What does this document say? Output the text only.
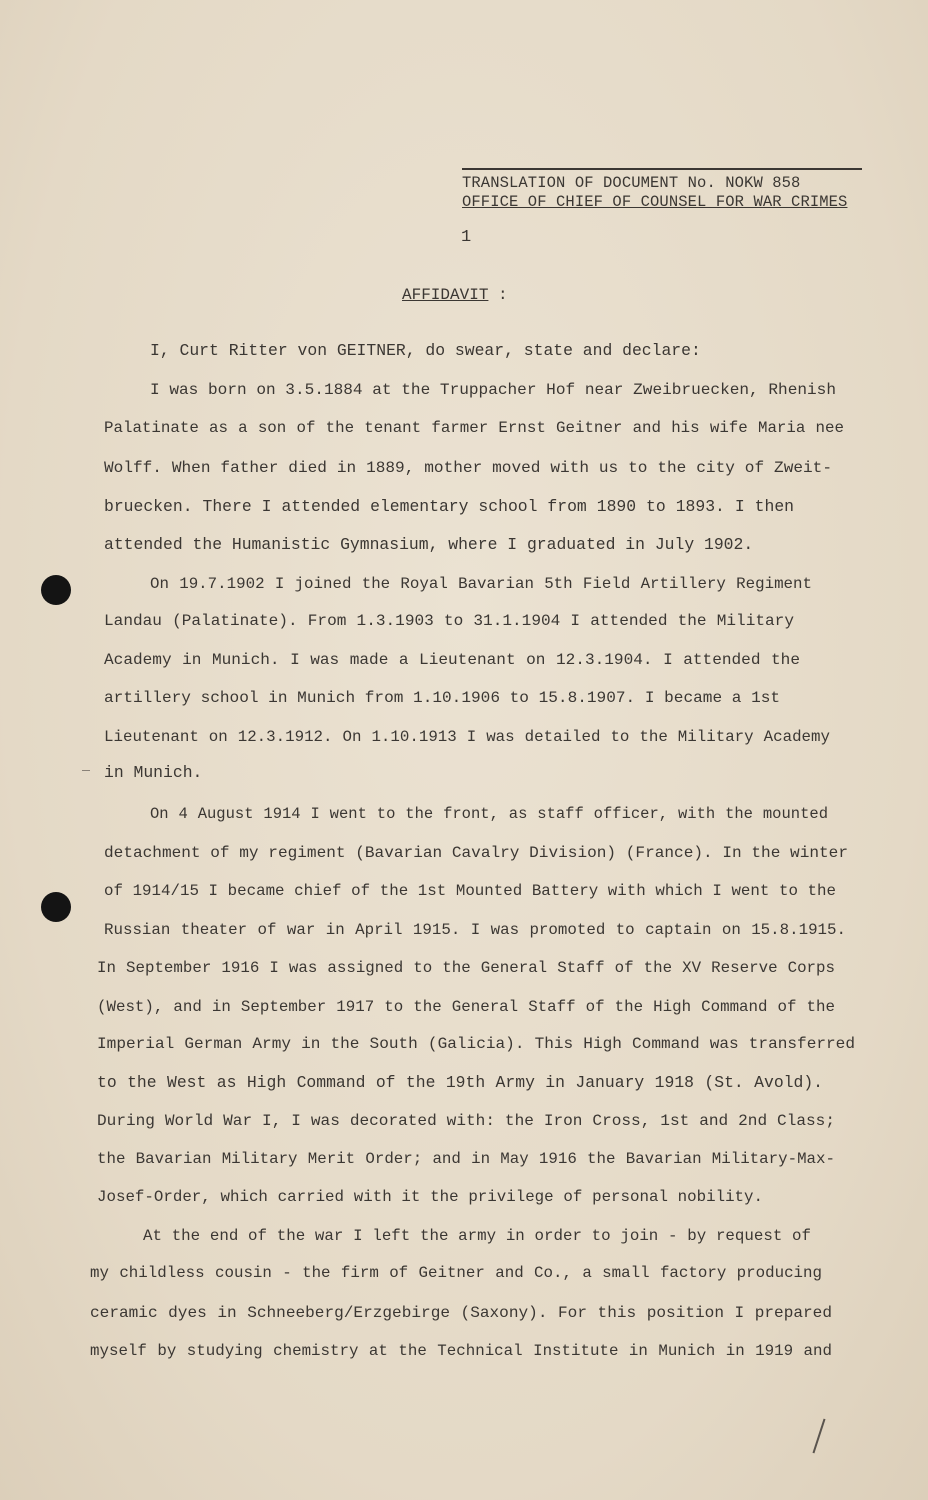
TRANSLATION OF DOCUMENT No. NOKW 858
OFFICE OF CHIEF OF COUNSEL FOR WAR CRIMES
1
AFFIDAVIT :
I, Curt Ritter von GEITNER, do swear, state and declare:
I was born on 3.5.1884 at the Truppacher Hof near Zweibruecken, Rhenish
Palatinate as a son of the tenant farmer Ernst Geitner and his wife Maria nee
Wolff. When father died in 1889, mother moved with us to the city of Zweit-
bruecken. There I attended elementary school from 1890 to 1893. I then
attended the Humanistic Gymnasium, where I graduated in July 1902.
On 19.7.1902 I joined the Royal Bavarian 5th Field Artillery Regiment
Landau (Palatinate). From 1.3.1903 to 31.1.1904 I attended the Military
Academy in Munich. I was made a Lieutenant on 12.3.1904. I attended the
artillery school in Munich from 1.10.1906 to 15.8.1907. I became a 1st
Lieutenant on 12.3.1912. On 1.10.1913 I was detailed to the Military Academy
in Munich.
On 4 August 1914 I went to the front, as staff officer, with the mounted
detachment of my regiment (Bavarian Cavalry Division) (France). In the winter
of 1914/15 I became chief of the 1st Mounted Battery with which I went to the
Russian theater of war in April 1915. I was promoted to captain on 15.8.1915.
In September 1916 I was assigned to the General Staff of the XV Reserve Corps
(West), and in September 1917 to the General Staff of the High Command of the
Imperial German Army in the South (Galicia). This High Command was transferred
to the West as High Command of the 19th Army in January 1918 (St. Avold).
During World War I, I was decorated with: the Iron Cross, 1st and 2nd Class;
the Bavarian Military Merit Order; and in May 1916 the Bavarian Military-Max-
Josef-Order, which carried with it the privilege of personal nobility.
At the end of the war I left the army in order to join - by request of
my childless cousin - the firm of Geitner and Co., a small factory producing
ceramic dyes in Schneeberg/Erzgebirge (Saxony). For this position I prepared
myself by studying chemistry at the Technical Institute in Munich in 1919 and
